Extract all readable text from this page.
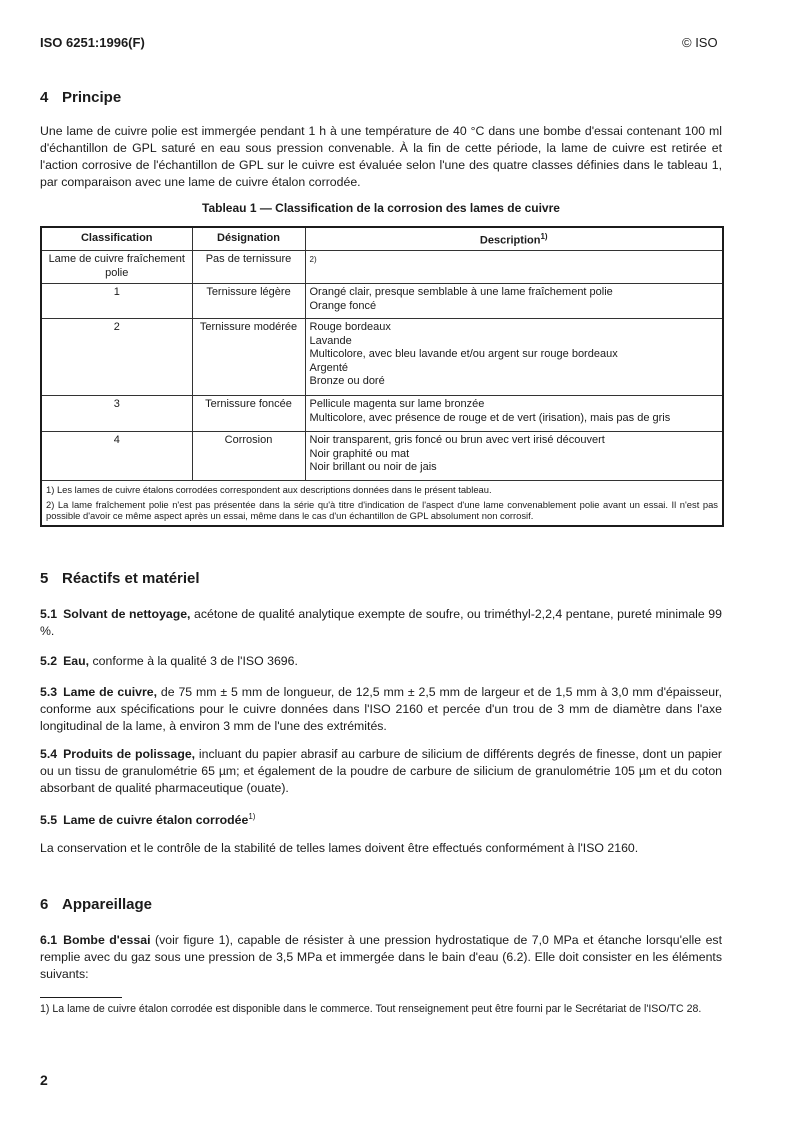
ISO 6251:1996(F)	© ISO
4 Principe
Une lame de cuivre polie est immergée pendant 1 h à une température de 40 °C dans une bombe d'essai contenant 100 ml d'échantillon de GPL saturé en eau sous pression convenable. À la fin de cette période, la lame de cuivre est retirée et l'action corrosive de l'échantillon de GPL sur le cuivre est évaluée selon l'une des quatre classes définies dans le tableau 1, par comparaison avec une lame de cuivre étalon corrodée.
Tableau 1 — Classification de la corrosion des lames de cuivre
Classification	Désignation	Description$^{1)}$
Lame de cuivre fraîchement polie	Pas de ternissure	2)

1	Ternissure légère	Orangé clair, presque semblable à une lame fraîchement polie
Orange foncé

2	Ternissure modérée	Rouge bordeaux
Lavande
Multicolore, avec bleu lavande et/ou argent sur rouge bordeaux
Argenté
Bronze ou doré

3	Ternissure foncée	Pellicule magenta sur lame bronzée
Multicolore, avec présence de rouge et de vert (irisation), mais pas de gris

4	Corrosion	Noir transparent, gris foncé ou brun avec vert irisé découvert
Noir graphité ou mat
Noir brillant ou noir de jais

1) Les lames de cuivre étalons corrodées correspondent aux descriptions données dans le présent tableau.
2) La lame fraîchement polie n'est pas présentée dans la série qu'à titre d'indication de l'aspect d'une lame convenablement polie avant un essai. Il n'est pas possible d'avoir ce même aspect après un essai, même dans le cas d'un échantillon de GPL absolument non corrosif.		
5 Réactifs et matériel
5.1 Solvant de nettoyage, acétone de qualité analytique exempte de soufre, ou triméthyl-2,2,4 pentane, pureté minimale 99 %.
5.2 Eau, conforme à la qualité 3 de l'ISO 3696.
5.3 Lame de cuivre, de 75 mm ± 5 mm de longueur, de 12,5 mm ± 2,5 mm de largeur et de 1,5 mm à 3,0 mm d'épaisseur, conforme aux spécifications pour le cuivre données dans l'ISO 2160 et percée d'un trou de 3 mm de diamètre dans l'axe longitudinal de la lame, à environ 3 mm de l'une des extrémités.
5.4 Produits de polissage, incluant du papier abrasif au carbure de silicium de différents degrés de finesse, dont un papier ou un tissu de granulométrie 65 µm; et également de la poudre de carbure de silicium de granulométrie 105 µm et du coton absorbant de qualité pharmaceutique (ouate).
5.5 Lame de cuivre étalon corrodée$^{1)}$
La conservation et le contrôle de la stabilité de telles lames doivent être effectués conformément à l'ISO 2160.
6 Appareillage
6.1 Bombe d'essai (voir figure 1), capable de résister à une pression hydrostatique de 7,0 MPa et étanche lorsqu'elle est remplie avec du gaz sous une pression de 3,5 MPa et immergée dans le bain d'eau (6.2). Elle doit consister en les éléments suivants:
1) La lame de cuivre étalon corrodée est disponible dans le commerce. Tout renseignement peut être fourni par le Secrétariat de l'ISO/TC 28.
2
